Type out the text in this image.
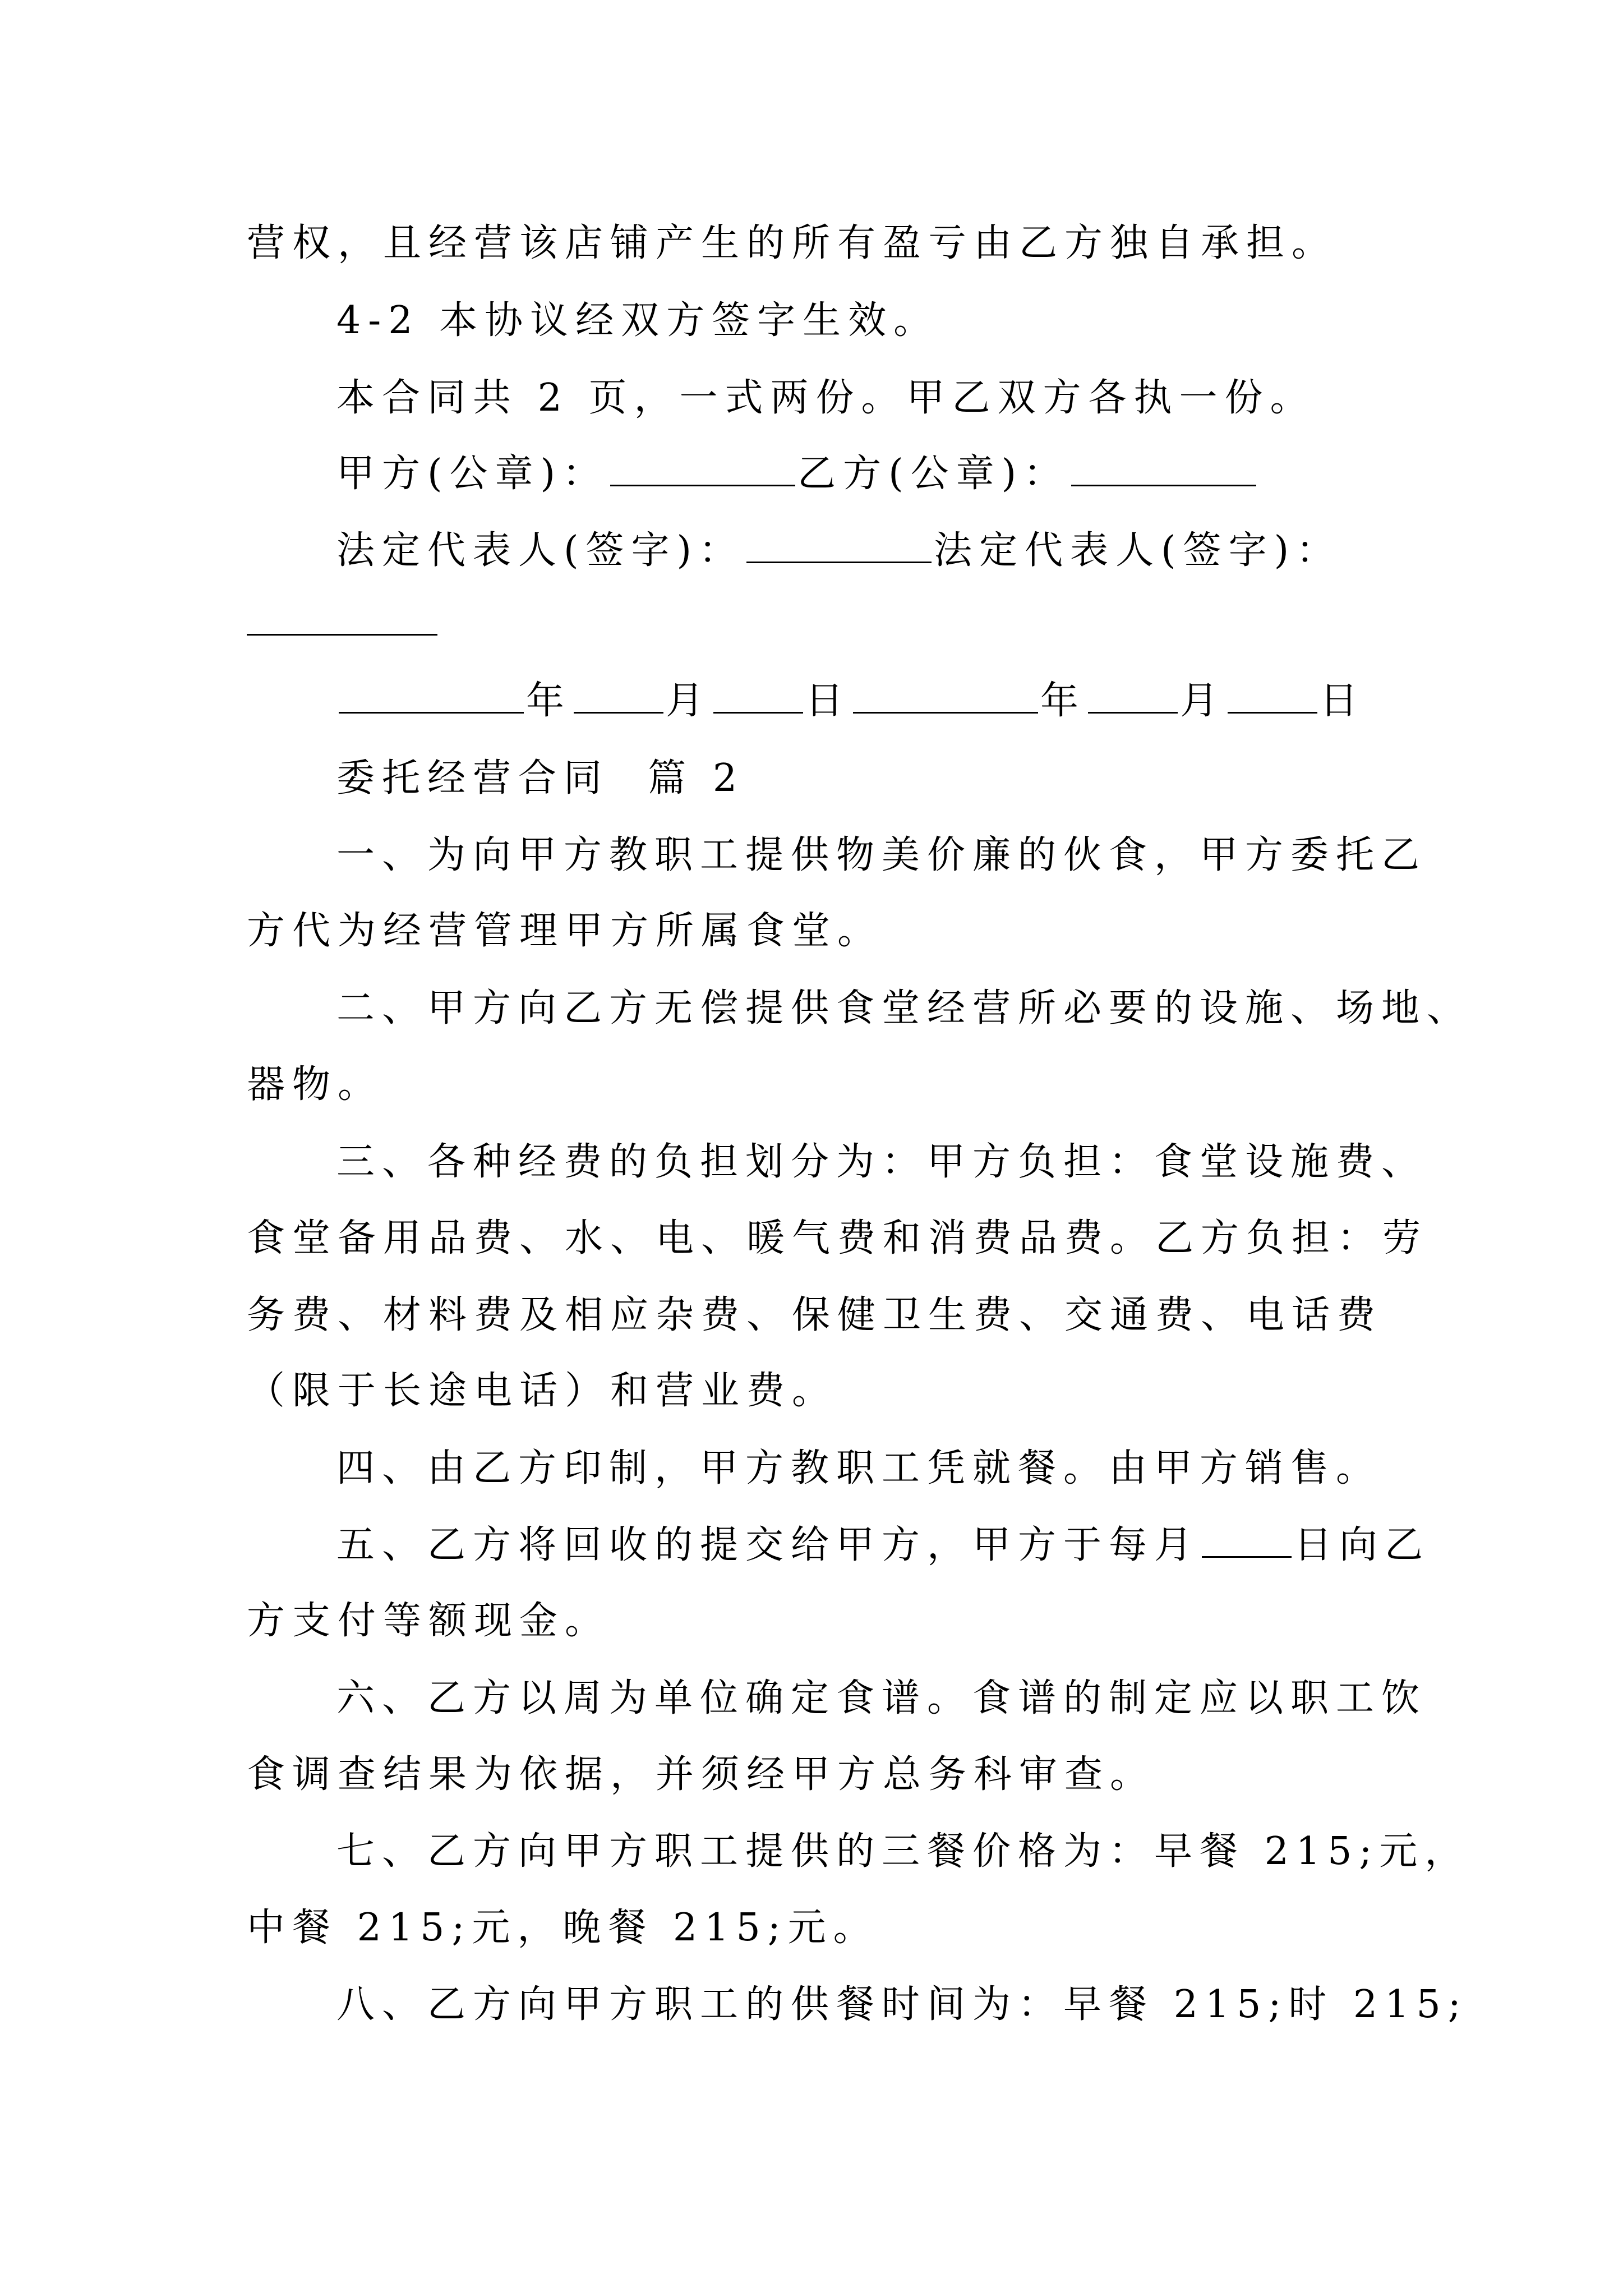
营权，且经营该店铺产生的所有盈亏由乙方独自承担。
4-2 本协议经双方签字生效。
本合同共 2 页，一式两份。甲乙双方各执一份。
甲方(公章)：	乙方(公章)：
法定代表人(签字)：	法定代表人(签字)：
年 月 日	年 月 日
委托经营合同  篇 2
一、为向甲方教职工提供物美价廉的伙食，甲方委托乙
方代为经营管理甲方所属食堂。
二、甲方向乙方无偿提供食堂经营所必要的设施、场地、
器物。
三、各种经费的负担划分为：甲方负担：食堂设施费、
食堂备用品费、水、电、暖气费和消费品费。乙方负担：劳
务费、材料费及相应杂费、保健卫生费、交通费、电话费
（限于长途电话）和营业费。
四、由乙方印制，甲方教职工凭就餐。由甲方销售。
五、乙方将回收的提交给甲方，甲方于每月 日向乙
方支付等额现金。
六、乙方以周为单位确定食谱。食谱的制定应以职工饮
食调查结果为依据，并须经甲方总务科审查。
七、乙方向甲方职工提供的三餐价格为：早餐 215;元，
中餐 215;元，晚餐 215;元。
八、乙方向甲方职工的供餐时间为：早餐 215;时 215;
